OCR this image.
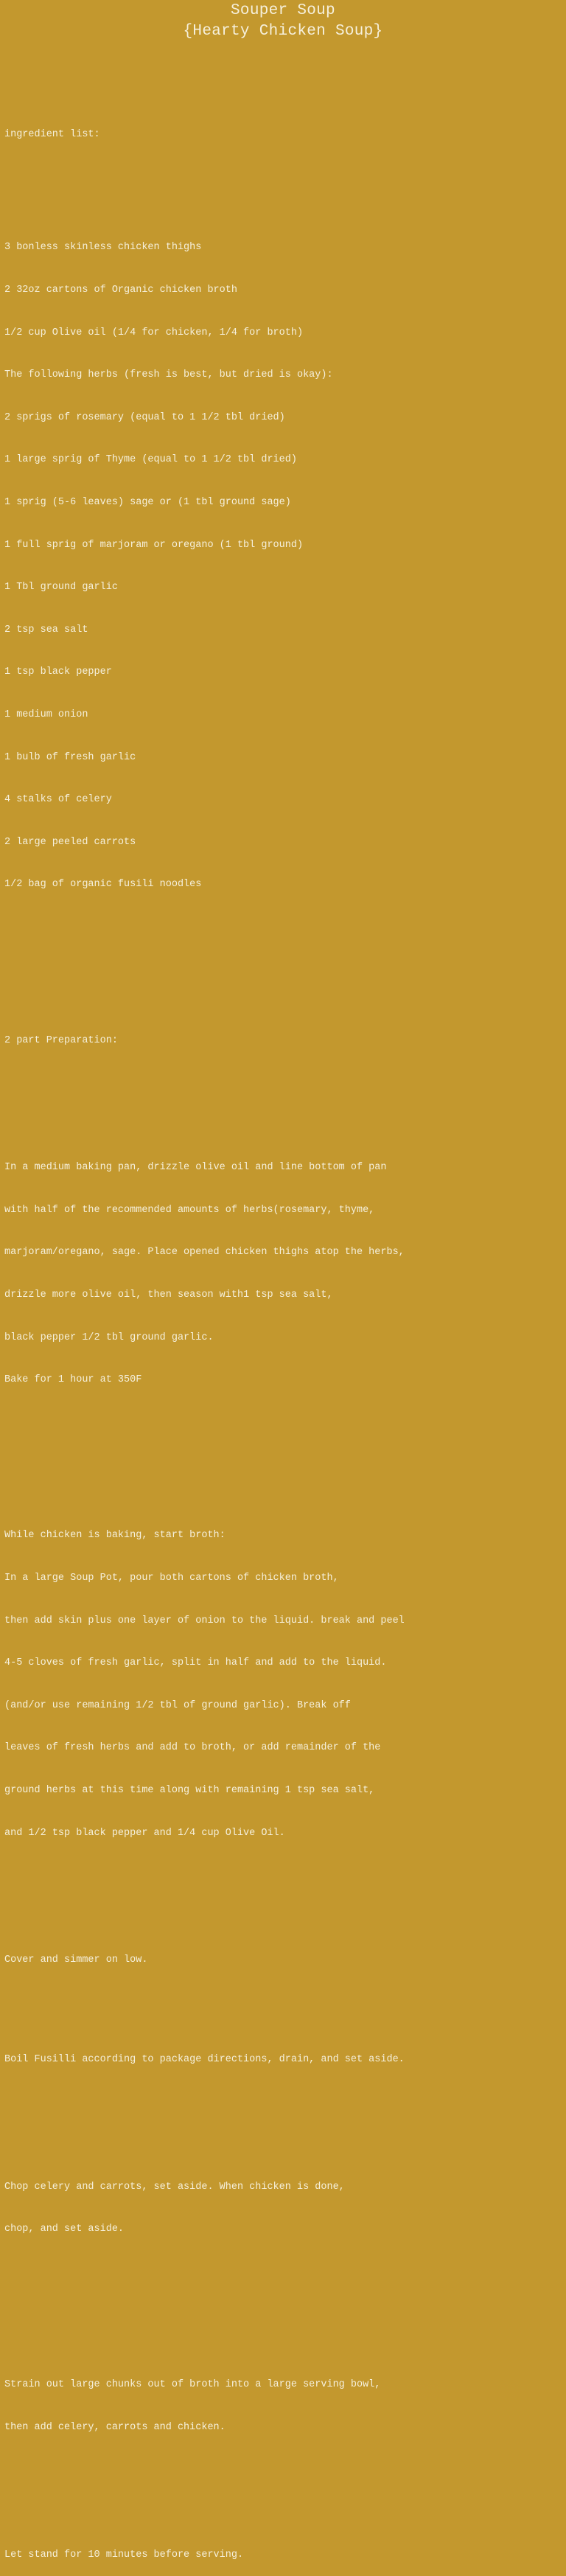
Souper Soup
{Hearty Chicken Soup}

ingredient list:

3 bonless skinless chicken thighs

2 32oz cartons of Organic chicken broth

1/2 cup Olive oil (1/4 for chicken, 1/4 for broth)

The following herbs (fresh is best, but dried is okay):

2 sprigs of rosemary (equal to 1 1/2 tbl dried)

1 large sprig of Thyme (equal to 1 1/2 tbl dried)

1 sprig (5-6 leaves) sage or (1 tbl ground sage)

1 full sprig of marjoram or oregano (1 tbl ground)

1 Tbl ground garlic

2 tsp sea salt

1 tsp black pepper

1 medium onion

1 bulb of fresh garlic

4 stalks of celery

2 large peeled carrots

1/2 bag of organic fusili noodles

2 part Preparation:

In a medium baking pan, drizzle olive oil and line bottom of pan

with half of the recommended amounts of herbs(rosemary, thyme,

marjoram/oregano, sage. Place opened chicken thighs atop the herbs,

drizzle more olive oil, then season with1 tsp sea salt,

black pepper 1/2 tbl ground garlic.

Bake for 1 hour at 350F

While chicken is baking, start broth:

In a large Soup Pot, pour both cartons of chicken broth,

then add skin plus one layer of onion to the liquid. break and peel

4-5 cloves of fresh garlic, split in half and add to the liquid.

(and/or use remaining 1/2 tbl of ground garlic). Break off

leaves of fresh herbs and add to broth, or add remainder of the

ground herbs at this time along with remaining 1 tsp sea salt,

and 1/2 tsp black pepper and 1/4 cup Olive Oil.

Cover and simmer on low.

Boil Fusilli according to package directions, drain, and set aside.

Chop celery and carrots, set aside. When chicken is done,

chop, and set aside.

Strain out large chunks out of broth into a large serving bowl,

then add celery, carrots and chicken.

Let stand for 10 minutes before serving.
